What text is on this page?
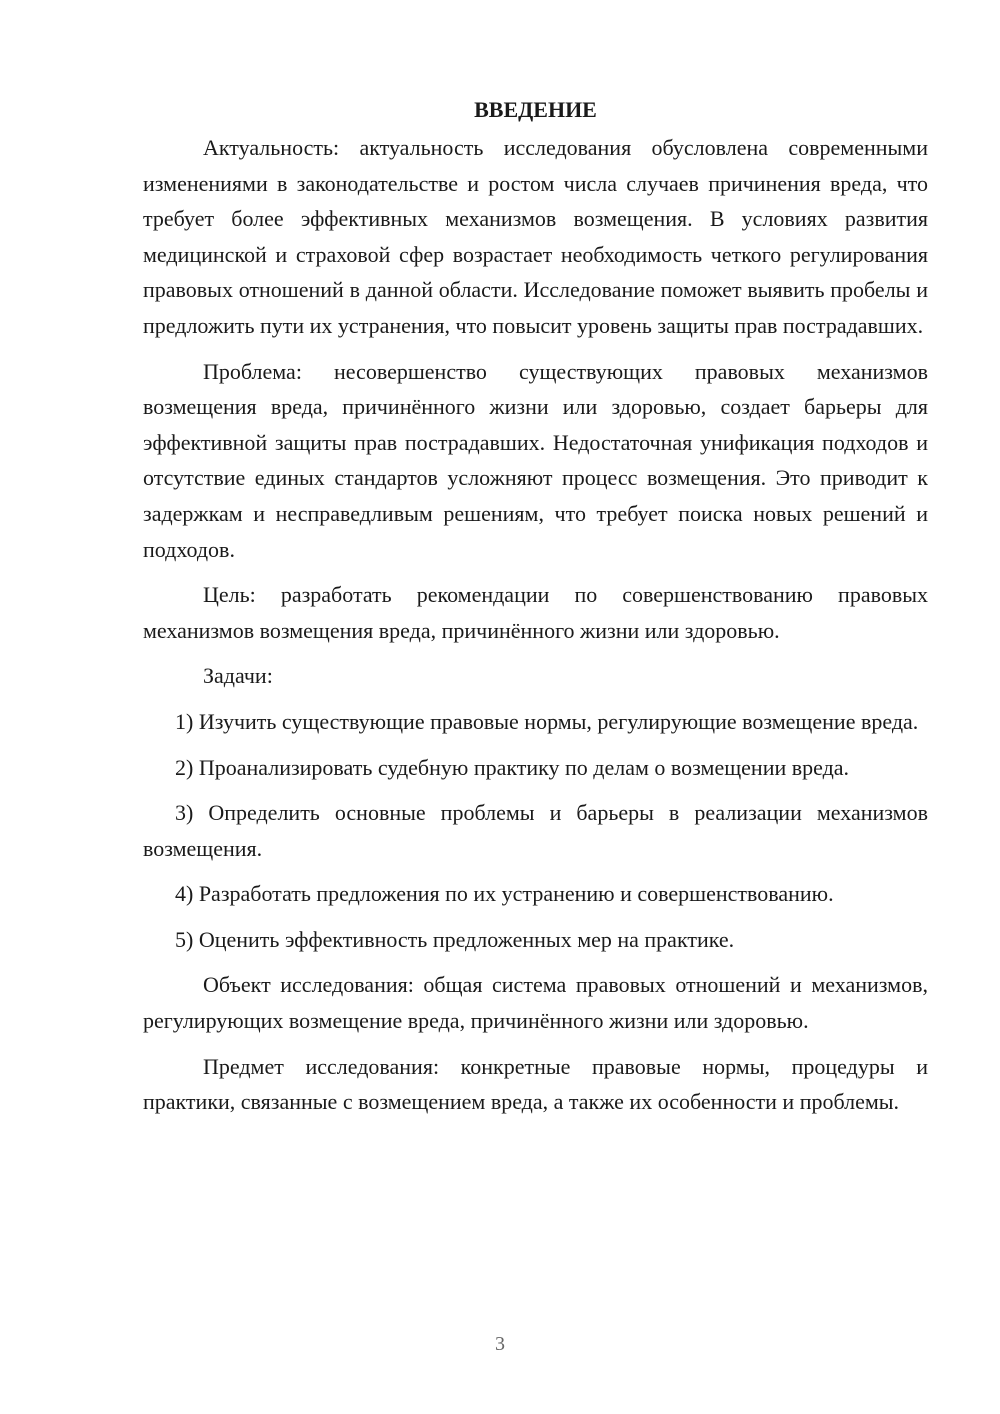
ВВЕДЕНИЕ

Актуальность: актуальность исследования обусловлена современными изменениями в законодательстве и ростом числа случаев причинения вреда, что требует более эффективных механизмов возмещения. В условиях развития медицинской и страховой сфер возрастает необходимость четкого регулирования правовых отношений в данной области. Исследование поможет выявить пробелы и предложить пути их устранения, что повысит уровень защиты прав пострадавших.

Проблема: несовершенство существующих правовых механизмов возмещения вреда, причинённого жизни или здоровью, создает барьеры для эффективной защиты прав пострадавших. Недостаточная унификация подходов и отсутствие единых стандартов усложняют процесс возмещения. Это приводит к задержкам и несправедливым решениям, что требует поиска новых решений и подходов.

Цель: разработать рекомендации по совершенствованию правовых механизмов возмещения вреда, причинённого жизни или здоровью.

Задачи:

1) Изучить существующие правовые нормы, регулирующие возмещение вреда.

2) Проанализировать судебную практику по делам о возмещении вреда.

3) Определить основные проблемы и барьеры в реализации механизмов возмещения.

4) Разработать предложения по их устранению и совершенствованию.

5) Оценить эффективность предложенных мер на практике.

Объект исследования: общая система правовых отношений и механизмов, регулирующих возмещение вреда, причинённого жизни или здоровью.

Предмет исследования: конкретные правовые нормы, процедуры и практики, связанные с возмещением вреда, а также их особенности и проблемы.

3
